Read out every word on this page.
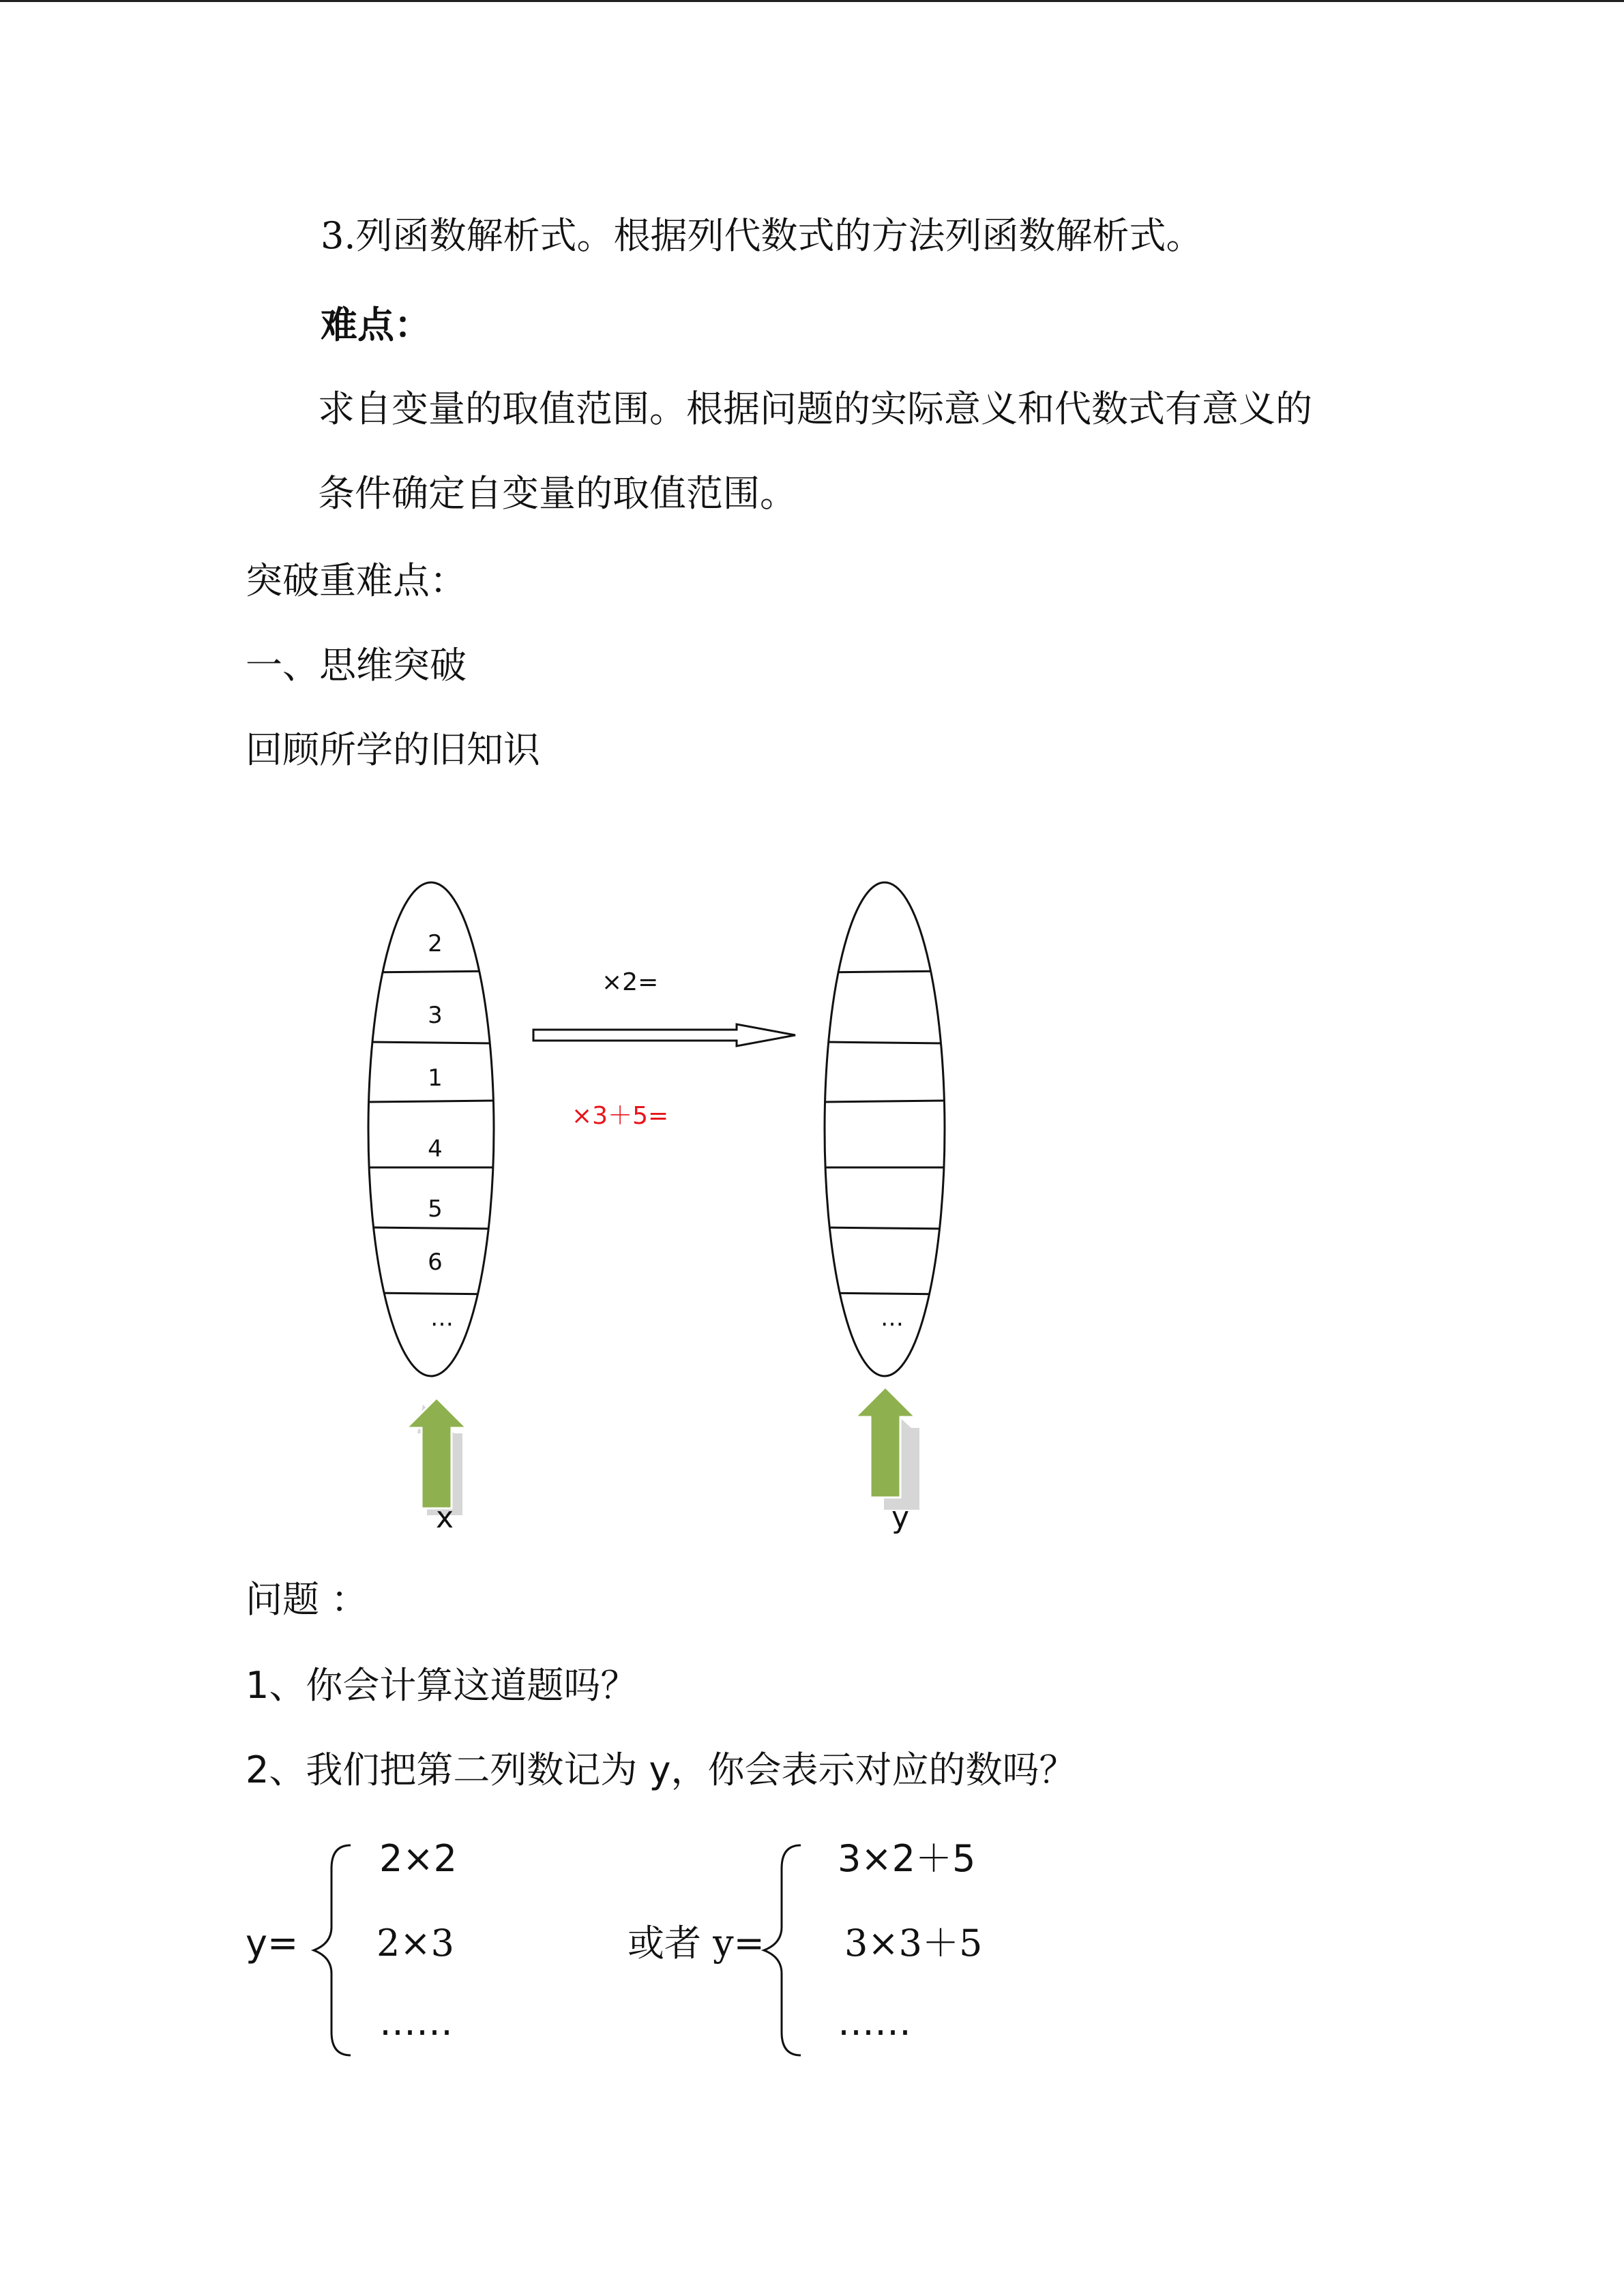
3.列函数解析式。根据列代数式的方法列函数解析式。
难点：
求自变量的取值范围。根据问题的实际意义和代数式有意义的
条件确定自变量的取值范围。
突破重难点：
一、思维突破
回顾所学的旧知识
2
3
1
4
5
6
…	…
×2=
×3＋5=
x	y
问题 ：
1、你会计算这道题吗？
2、我们把第二列数记为 y，你会表示对应的数吗？
y=
2×2
2×3
……
或者 y=
3×2＋5
3×3＋5
……
